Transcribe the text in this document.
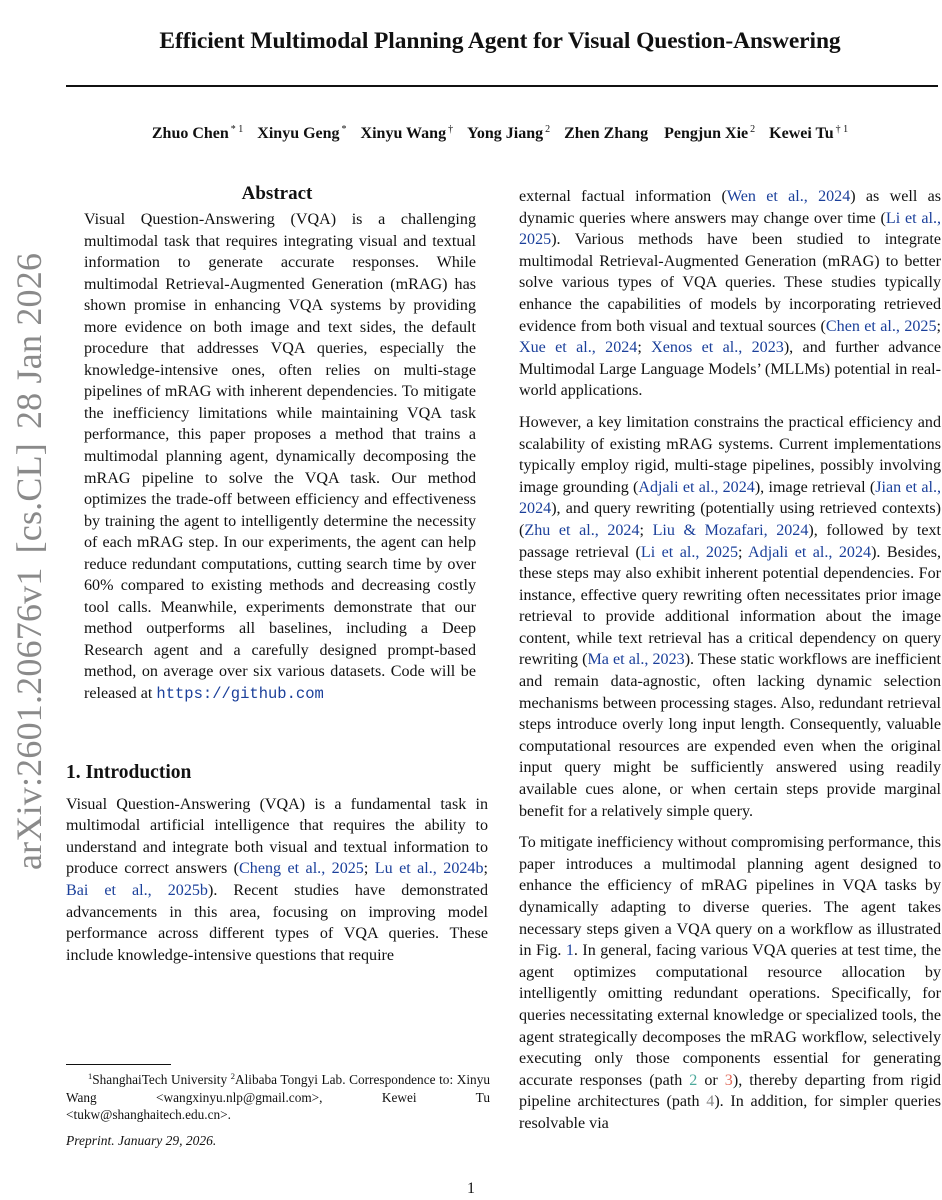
Efficient Multimodal Planning Agent for Visual Question-Answering
Zhuo Chen $^{* 1}$ Xinyu Geng * Xinyu Wang † Yong Jiang $^2$ Zhen Zhang Pengjun Xie $^2$ Kewei Tu $^{\dagger 1}$
arXiv:2601.20676v1[cs.CL]28 Jan 2026
Abstract

Visual Question-Answering (VQA) is a challenging multimodal task that requires integrating visual and textual information to generate accurate responses. While multimodal Retrieval-Augmented Generation (mRAG) has shown promise in enhancing VQA systems by providing more evidence on both image and text sides, the default procedure that addresses VQA queries, especially the knowledge-intensive ones, often relies on multi-stage pipelines of mRAG with inherent dependencies. To mitigate the inefficiency limitations while maintaining VQA task performance, this paper proposes a method that trains a multimodal planning agent, dynamically decomposing the mRAG pipeline to solve the VQA task. Our method optimizes the trade-off between efficiency and effectiveness by training the agent to intelligently determine the necessity of each mRAG step. In our experiments, the agent can help reduce redundant computations, cutting search time by over 60% compared to existing methods and decreasing costly tool calls. Meanwhile, experiments demonstrate that our method outperforms all baselines, including a Deep Research agent and a carefully designed prompt-based method, on average over six various datasets. Code will be released at https://github.com

1. Introduction

Visual Question-Answering (VQA) is a fundamental task in multimodal artificial intelligence that requires the ability to understand and integrate both visual and textual information to produce correct answers (Cheng et al., 2025; Lu et al., 2024b; Bai et al., 2025b). Recent studies have demonstrated advancements in this area, focusing on improving model performance across different types of VQA queries. These include knowledge-intensive questions that require

$^1$ShanghaiTech University $^2$Alibaba Tongyi Lab. Correspondence to: Xinyu Wang <wangxinyu.nlp@gmail.com>, Kewei Tu <tukw@shanghaitech.edu.cn>.
Preprint. January 29, 2026.

external factual information (Wen et al., 2024) as well as dynamic queries where answers may change over time (Li et al., 2025). Various methods have been studied to integrate multimodal Retrieval-Augmented Generation (mRAG) to better solve various types of VQA queries. These studies typically enhance the capabilities of models by incorporating retrieved evidence from both visual and textual sources (Chen et al., 2025; Xue et al., 2024; Xenos et al., 2023), and further advance Multimodal Large Language Models’ (MLLMs) potential in real-world applications.

However, a key limitation constrains the practical efficiency and scalability of existing mRAG systems. Current implementations typically employ rigid, multi-stage pipelines, possibly involving image grounding (Adjali et al., 2024), image retrieval (Jian et al., 2024), and query rewriting (potentially using retrieved contexts) (Zhu et al., 2024; Liu & Mozafari, 2024), followed by text passage retrieval (Li et al., 2025; Adjali et al., 2024). Besides, these steps may also exhibit inherent potential dependencies. For instance, effective query rewriting often necessitates prior image retrieval to provide additional information about the image content, while text retrieval has a critical dependency on query rewriting (Ma et al., 2023). These static workflows are inefficient and remain data-agnostic, often lacking dynamic selection mechanisms between processing stages. Also, redundant retrieval steps introduce overly long input length. Consequently, valuable computational resources are expended even when the original input query might be sufficiently answered using readily available cues alone, or when certain steps provide marginal benefit for a relatively simple query.

To mitigate inefficiency without compromising performance, this paper introduces a multimodal planning agent designed to enhance the efficiency of mRAG pipelines in VQA tasks by dynamically adapting to diverse queries. The agent takes necessary steps given a VQA query on a workflow as illustrated in Fig. 1. In general, facing various VQA queries at test time, the agent optimizes computational resource allocation by intelligently omitting redundant operations. Specifically, for queries necessitating external knowledge or specialized tools, the agent strategically decomposes the mRAG workflow, selectively executing only those components essential for generating accurate responses (path 2 or 3), thereby departing from rigid pipeline architectures (path 4). In addition, for simpler queries resolvable via

1
